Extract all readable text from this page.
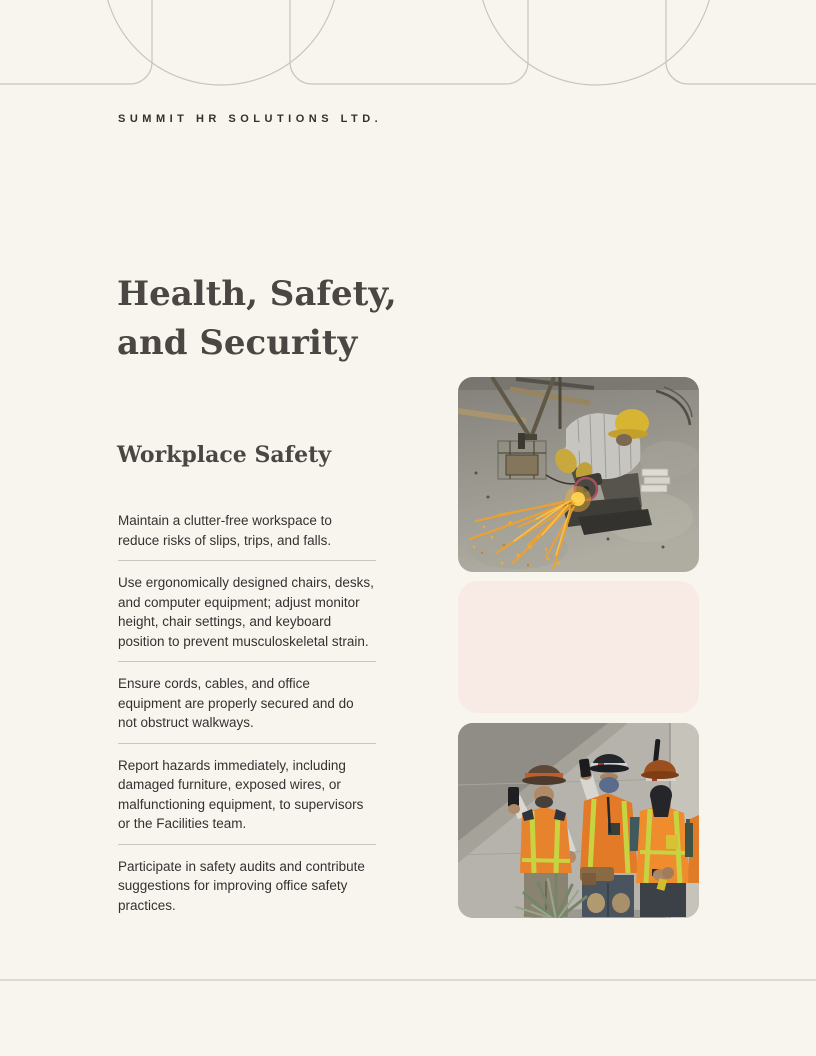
SUMMIT HR SOLUTIONS LTD.
Health, Safety,
and Security
Workplace Safety

Maintain a clutter-free workspace to reduce risks of slips, trips, and falls.

Use ergonomically designed chairs, desks, and computer equipment; adjust monitor height, chair settings, and keyboard position to prevent musculoskeletal strain.

Ensure cords, cables, and office equipment are properly secured and do not obstruct walkways.

Report hazards immediately, including damaged furniture, exposed wires, or malfunctioning equipment, to supervisors or the Facilities team.

Participate in safety audits and contribute suggestions for improving office safety practices.
